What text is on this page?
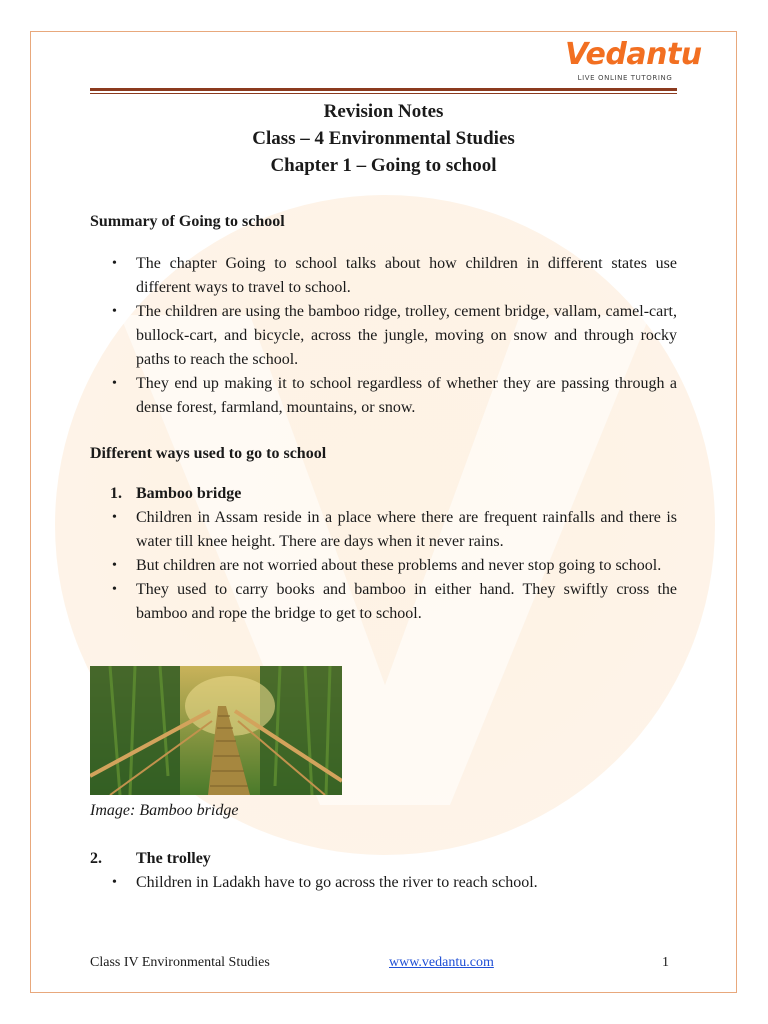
Vedantu
LIVE ONLINE TUTORING
Revision Notes
Class – 4 Environmental Studies
Chapter 1 – Going to school
Summary of Going to school
• The chapter Going to school talks about how children in different states use different ways to travel to school.
• The children are using the bamboo ridge, trolley, cement bridge, vallam, camel-cart, bullock-cart, and bicycle, across the jungle, moving on snow and through rocky paths to reach the school.
• They end up making it to school regardless of whether they are passing through a dense forest, farmland, mountains, or snow.
Different ways used to go to school
1. Bamboo bridge
• Children in Assam reside in a place where there are frequent rainfalls and there is water till knee height. There are days when it never rains.
• But children are not worried about these problems and never stop going to school.
• They used to carry books and bamboo in either hand. They swiftly cross the bamboo and rope the bridge to get to school.
Image: Bamboo bridge
2. The trolley
• Children in Ladakh have to go across the river to reach school.
Class IV Environmental Studies	www.vedantu.com	1
